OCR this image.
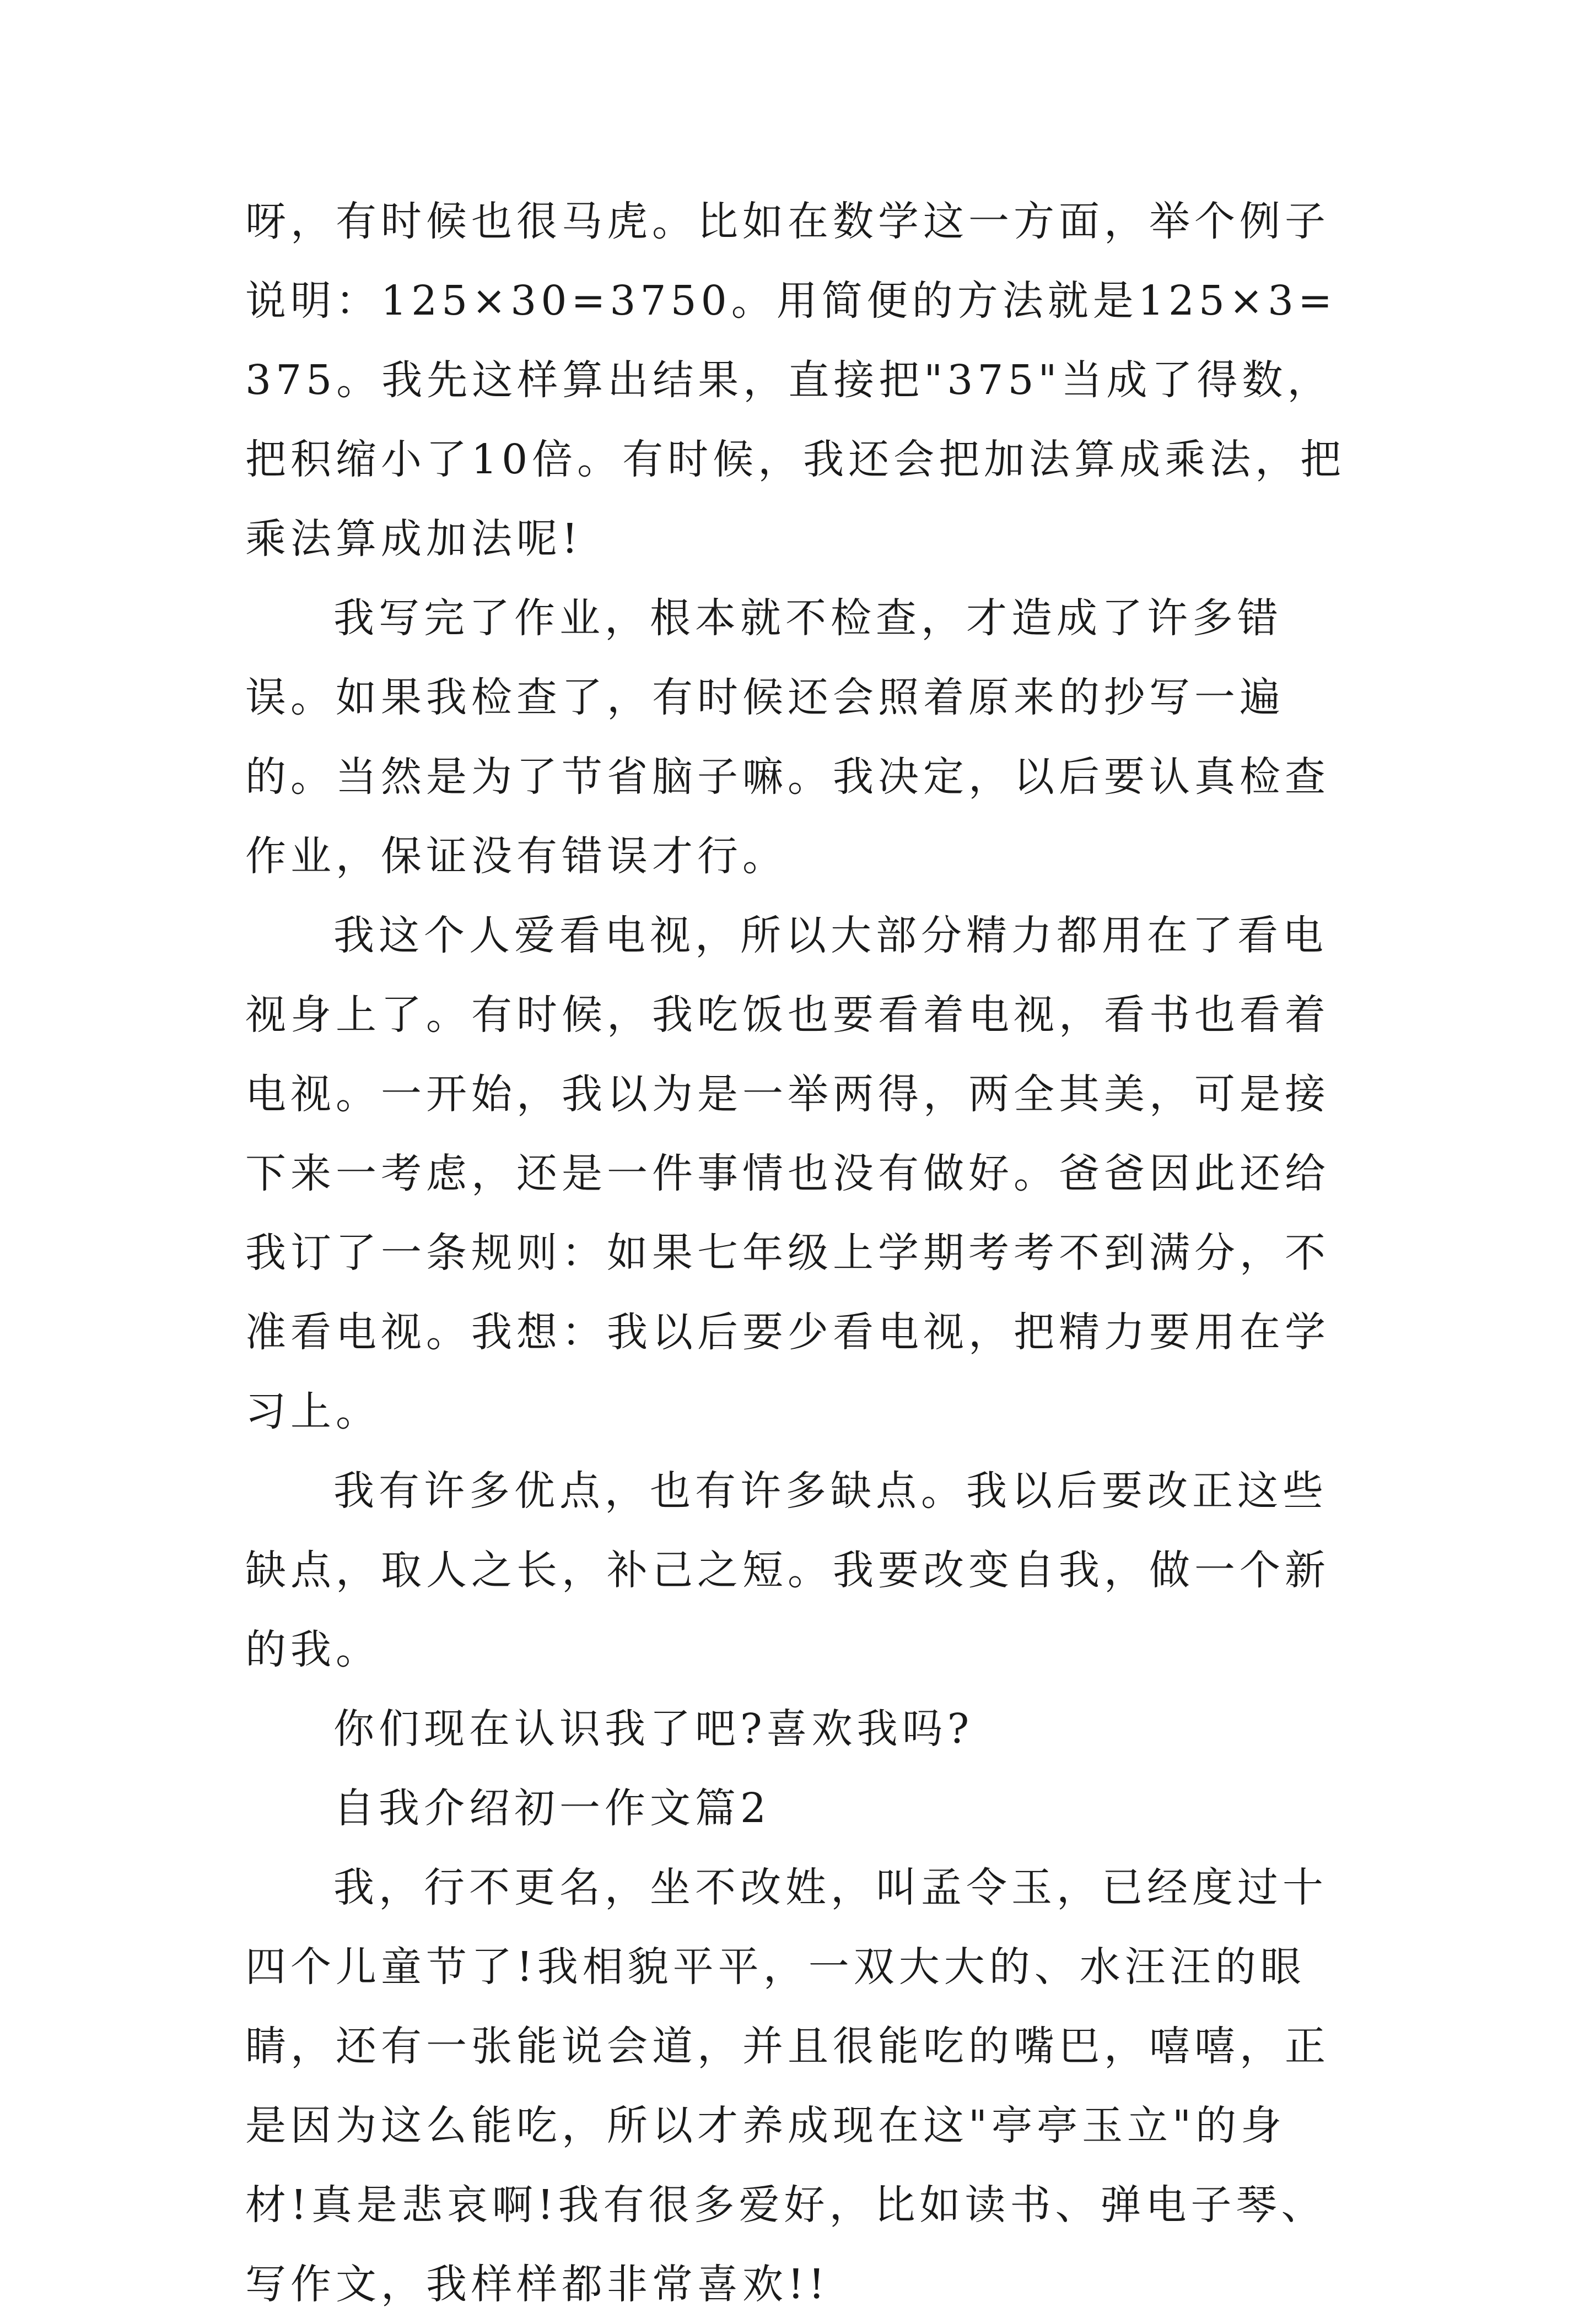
呀，有时候也很马虎。比如在数学这一方面，举个例子说明：125×30=3750。用简便的方法就是125×3=375。我先这样算出结果，直接把"375"当成了得数，把积缩小了10倍。有时候，我还会把加法算成乘法，把乘法算成加法呢!

我写完了作业，根本就不检查，才造成了许多错误。如果我检查了，有时候还会照着原来的抄写一遍的。当然是为了节省脑子嘛。我决定，以后要认真检查作业，保证没有错误才行。

我这个人爱看电视，所以大部分精力都用在了看电视身上了。有时候，我吃饭也要看着电视，看书也看着电视。一开始，我以为是一举两得，两全其美，可是接下来一考虑，还是一件事情也没有做好。爸爸因此还给我订了一条规则：如果七年级上学期考考不到满分，不准看电视。我想：我以后要少看电视，把精力要用在学习上。

我有许多优点，也有许多缺点。我以后要改正这些缺点，取人之长，补己之短。我要改变自我，做一个新的我。

你们现在认识我了吧?喜欢我吗?

自我介绍初一作文篇2

我，行不更名，坐不改姓，叫孟令玉，已经度过十四个儿童节了!我相貌平平，一双大大的、水汪汪的眼睛，还有一张能说会道，并且很能吃的嘴巴，嘻嘻，正是因为这么能吃，所以才养成现在这"亭亭玉立"的身材!真是悲哀啊!我有很多爱好，比如读书、弹电子琴、写作文，我样样都非常喜欢!!
